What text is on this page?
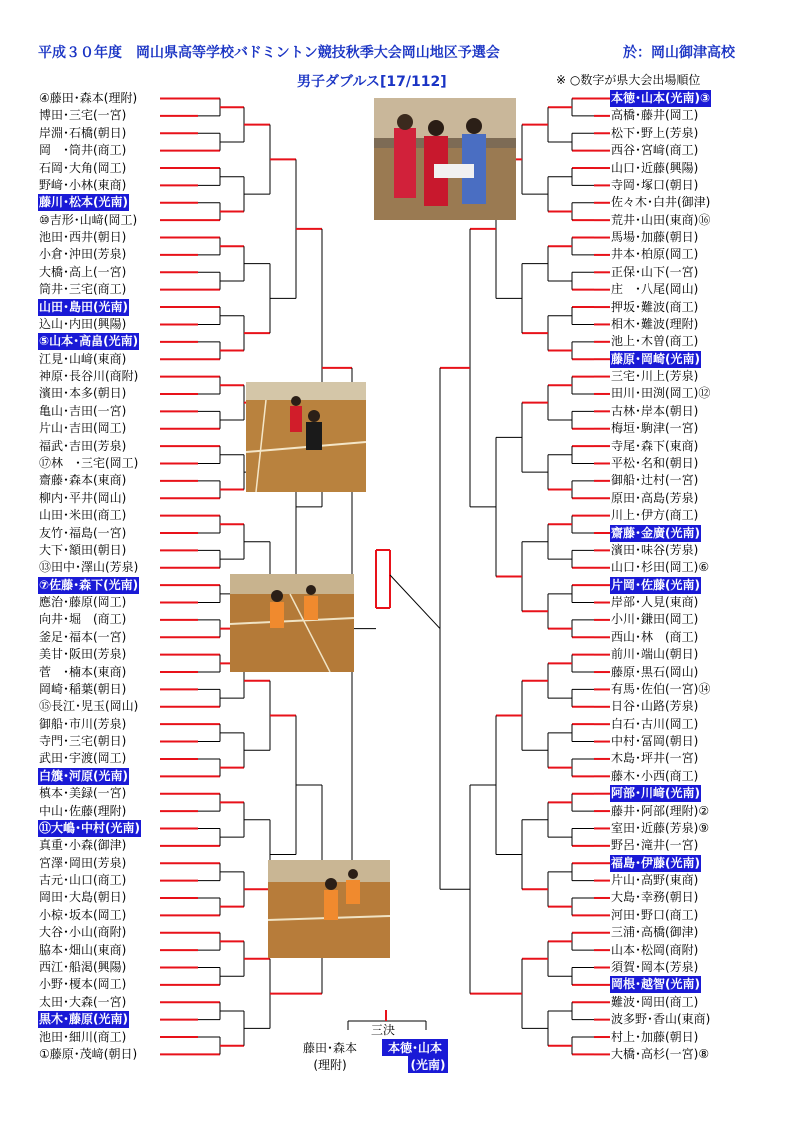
平成３０年度　岡山県高等学校バドミントン競技秋季大会岡山地区予選会	於：岡山御津高校
男子ダブルス[17/112]	※ ○数字が県大会出場順位
④藤田･森本(理附)
博田･三宅(一宮)
岸淵･石橋(朝日)
岡　･筒井(商工)
石岡･大角(岡工)
野﨑･小林(東商)
藤川･松本(光南)
⑩吉形･山﨑(岡工)
池田･西井(朝日)
小倉･沖田(芳泉)
大橋･高上(一宮)
筒井･三宅(商工)
山田･島田(光南)
込山･内田(興陽)
⑤山本･高畠(光南)
江見･山﨑(東商)
神原･長谷川(商附)
濱田･本多(朝日)
亀山･吉田(一宮)
片山･吉田(岡工)
福武･吉田(芳泉)
⑰林　･三宅(岡工)
齋藤･森本(東商)
柳内･平井(岡山)
山田･米田(商工)
友竹･福島(一宮)
大下･額田(朝日)
⑬田中･澤山(芳泉)
⑦佐藤･森下(光南)
應治･藤原(岡工)
向井･堀　(商工)
釜足･福本(一宮)
美甘･阪田(芳泉)
菅　･楠本(東商)
岡崎･稲葉(朝日)
⑮長江･児玉(岡山)
御船･市川(芳泉)
寺門･三宅(朝日)
武田･宇渡(岡工)
白籏･河原(光南)
槙本･美録(一宮)
中山･佐藤(理附)
⑪大嶋･中村(光南)
真重･小森(御津)
宮澤･岡田(芳泉)
古元･山口(商工)
岡田･大島(朝日)
小椋･坂本(岡工)
大谷･小山(商附)
脇本･畑山(東商)
西江･船渇(興陽)
小野･榎本(岡工)
太田･大森(一宮)
黒木･藤原(光南)
池田･細川(商工)
①藤原･茂﨑(朝日)
本徳･山本(光南)③
高橋･藤井(岡工)
松下･野上(芳泉)
西谷･宮﨑(商工)
山口･近藤(興陽)
寺岡･塚口(朝日)
佐々木･白井(御津)
荒井･山田(東商)⑯
馬場･加藤(朝日)
井本･柏原(岡工)
正保･山下(一宮)
庄　･八尾(岡山)
押坂･難波(商工)
相木･難波(理附)
池上･木曽(商工)
藤原･岡崎(光南)
三宅･川上(芳泉)
田川･田渕(岡工)⑫
古林･岸本(朝日)
梅垣･駒津(一宮)
寺尾･森下(東商)
平松･名和(朝日)
御船･辻村(一宮)
原田･高島(芳泉)
川上･伊方(商工)
齋藤･金廣(光南)
濱田･味谷(芳泉)
山口･杉田(岡工)⑥
片岡･佐藤(光南)
岸部･人見(東商)
小川･鎌田(岡工)
西山･林　(商工)
前川･端山(朝日)
藤原･黒石(岡山)
有馬･佐伯(一宮)⑭
日谷･山路(芳泉)
白石･古川(岡工)
中村･冨岡(朝日)
木島･坪井(一宮)
藤木･小西(商工)
阿部･川﨑(光南)
藤井･阿部(理附)②
室田･近藤(芳泉)⑨
野呂･滝井(一宮)
福島･伊藤(光南)
片山･高野(東商)
大島･幸務(朝日)
河田･野口(商工)
三浦･高橋(御津)
山本･松岡(商附)
須賀･岡本(芳泉)
岡根･越智(光南)
難波･岡田(商工)
波多野･香山(東商)
村上･加藤(朝日)
大橋･高杉(一宮)⑧
三決
藤田･森本
(理附)
本徳･山本
(光南)
